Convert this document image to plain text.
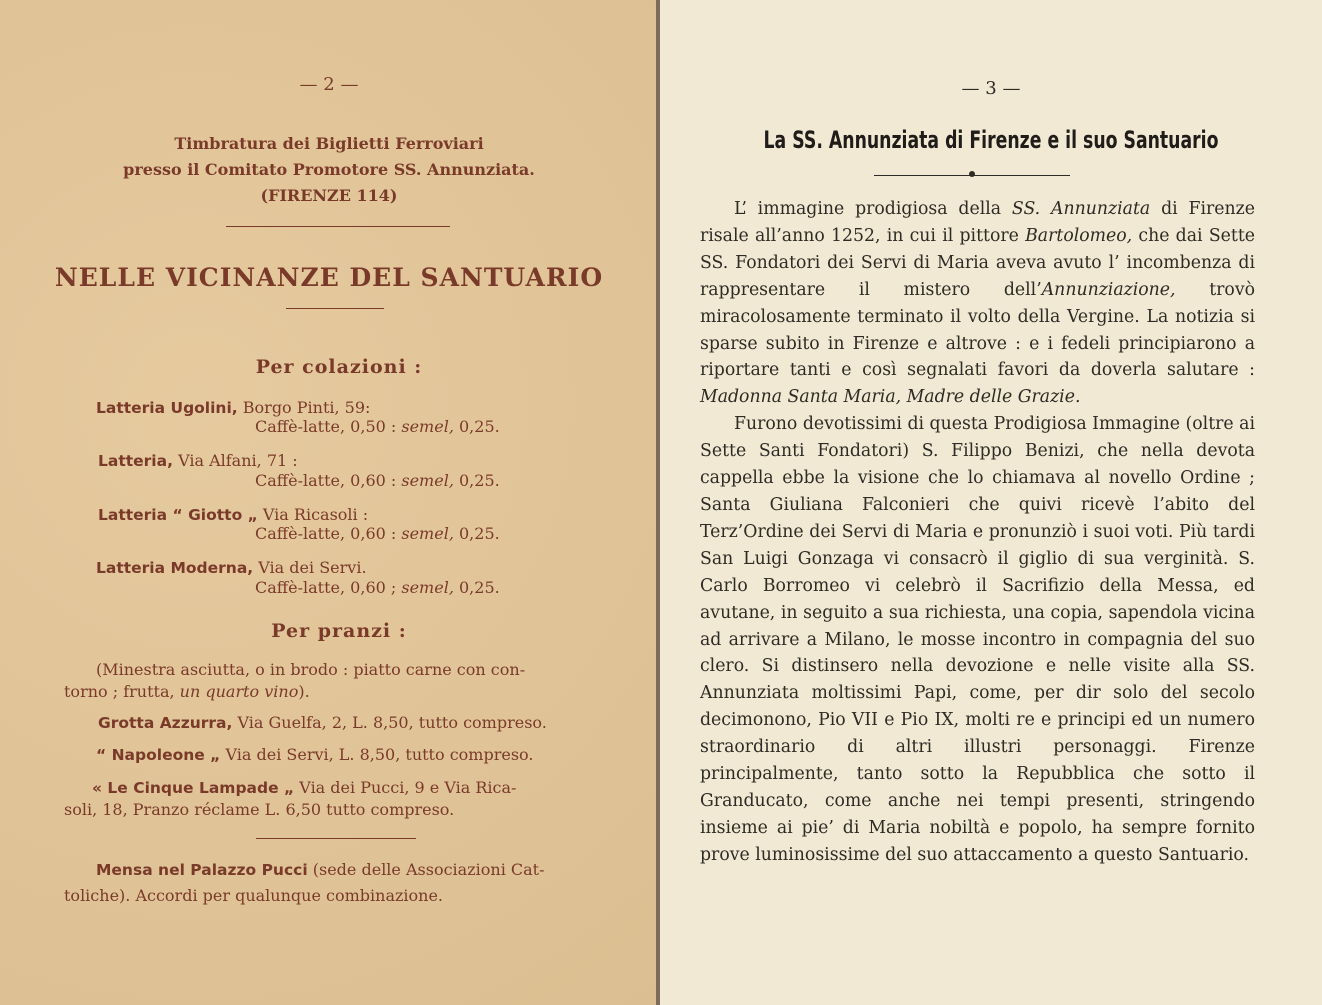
— 2 —
Timbratura dei Biglietti Ferroviari
presso il Comitato Promotore SS. Annunziata.
(FIRENZE 114)
NELLE VICINANZE DEL SANTUARIO
Per colazioni :
Latteria Ugolini, Borgo Pinti, 59:
Caffè-latte, 0,50 : semel, 0,25.
Latteria, Via Alfani, 71 :
Caffè-latte, 0,60 : semel, 0,25.
Latteria “ Giotto „ Via Ricasoli :
Caffè-latte, 0,60 : semel, 0,25.
Latteria Moderna, Via dei Servi.
Caffè-latte, 0,60 ; semel, 0,25.
Per pranzi :
(Minestra asciutta, o in brodo : piatto carne con con-
torno ; frutta, un quarto vino).
Grotta Azzurra, Via Guelfa, 2, L. 8,50, tutto compreso.
“ Napoleone „ Via dei Servi, L. 8,50, tutto compreso.
« Le Cinque Lampade „ Via dei Pucci, 9 e Via Rica-
soli, 18, Pranzo réclame L. 6,50 tutto compreso.
Mensa nel Palazzo Pucci (sede delle Associazioni Cat-
toliche). Accordi per qualunque combinazione.
— 3 —
La SS. Annunziata di Firenze e il suo Santuario

L’ immagine prodigiosa della SS. Annunziata di Firenze risale all’anno 1252, in cui il pittore Bartolomeo, che dai Sette SS. Fondatori dei Servi di Maria aveva avuto l’ incombenza di rappresentare il mistero dell’Annunziazione, trovò miracolosamente terminato il volto della Vergine. La notizia si sparse subito in Firenze e altrove : e i fedeli principiarono a riportare tanti e così segnalati favori da doverla salutare : Madonna Santa Maria, Madre delle Grazie.

Furono devotissimi di questa Prodigiosa Immagine (oltre ai Sette Santi Fondatori) S. Filippo Benizi, che nella devota cappella ebbe la visione che lo chiamava al novello Ordine ; Santa Giuliana Falconieri che quivi ricevè l’abito del Terz’Ordine dei Servi di Maria e pronunziò i suoi voti. Più tardi San Luigi Gonzaga vi consacrò il giglio di sua verginità. S. Carlo Borromeo vi celebrò il Sacrifizio della Messa, ed avutane, in seguito a sua richiesta, una copia, sapendola vicina ad arrivare a Milano, le mosse incontro in compagnia del suo clero. Si distinsero nella devozione e nelle visite alla SS. Annunziata moltissimi Papi, come, per dir solo del secolo decimonono, Pio VII e Pio IX, molti re e principi ed un numero straordinario di altri illustri personaggi. Firenze principalmente, tanto sotto la Repubblica che sotto il Granducato, come anche nei tempi presenti, stringendo insieme ai pie’ di Maria nobiltà e popolo, ha sempre fornito prove luminosissime del suo attaccamento a questo Santuario.
